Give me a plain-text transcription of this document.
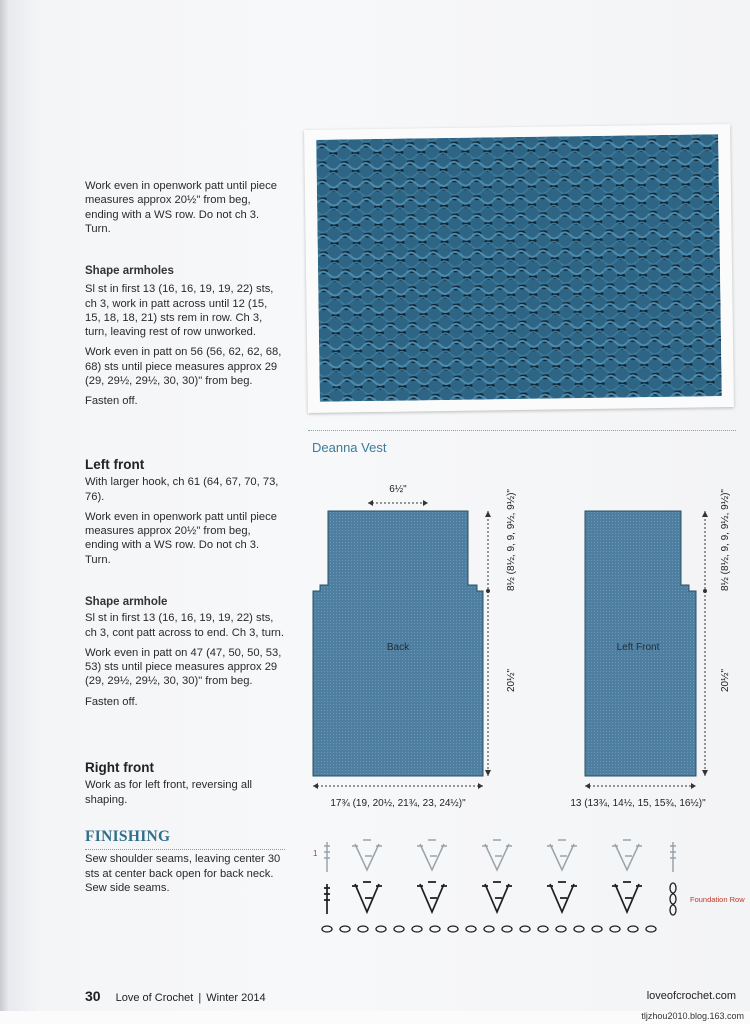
Work even in openwork patt until piece measures approx 20½" from beg, ending with a WS row. Do not ch 3. Turn.

Shape armholes

Sl st in first 13 (16, 16, 19, 19, 22) sts, ch 3, work in patt across until 12 (15, 15, 18, 18, 21) sts rem in row. Ch 3, turn, leaving rest of row unworked.

Work even in patt on 56 (56, 62, 62, 68, 68) sts until piece measures approx 29 (29, 29½, 29½, 30, 30)" from beg.

Fasten off.

Left front

With larger hook, ch 61 (64, 67, 70, 73, 76).

Work even in openwork patt until piece measures approx 20½" from beg, ending with a WS row. Do not ch 3. Turn.

Shape armhole

Sl st in first 13 (16, 16, 19, 19, 22) sts, ch 3, cont patt across to end. Ch 3, turn.

Work even in patt on 47 (47, 50, 50, 53, 53) sts until piece measures approx 29 (29, 29½, 29½, 30, 30)" from beg.

Fasten off.

Right front

Work as for left front, reversing all shaping.

FINISHING

Sew shoulder seams, leaving center 30 sts at center back open for back neck. Sew side seams.

Deanna Vest
Back
6½"	8½ (8½, 9, 9, 9½, 9½)"
20½"
17¾ (19, 20½, 21¾, 23, 24½)"
Left Front
8½ (8½, 9, 9, 9½, 9½)"
20½"
13 (13¾, 14½, 15, 15¾, 16½)"
1
Foundation Row
30 Love of Crochet | Winter 2014	loveofcrochet.com
tljzhou2010.blog.163.com
